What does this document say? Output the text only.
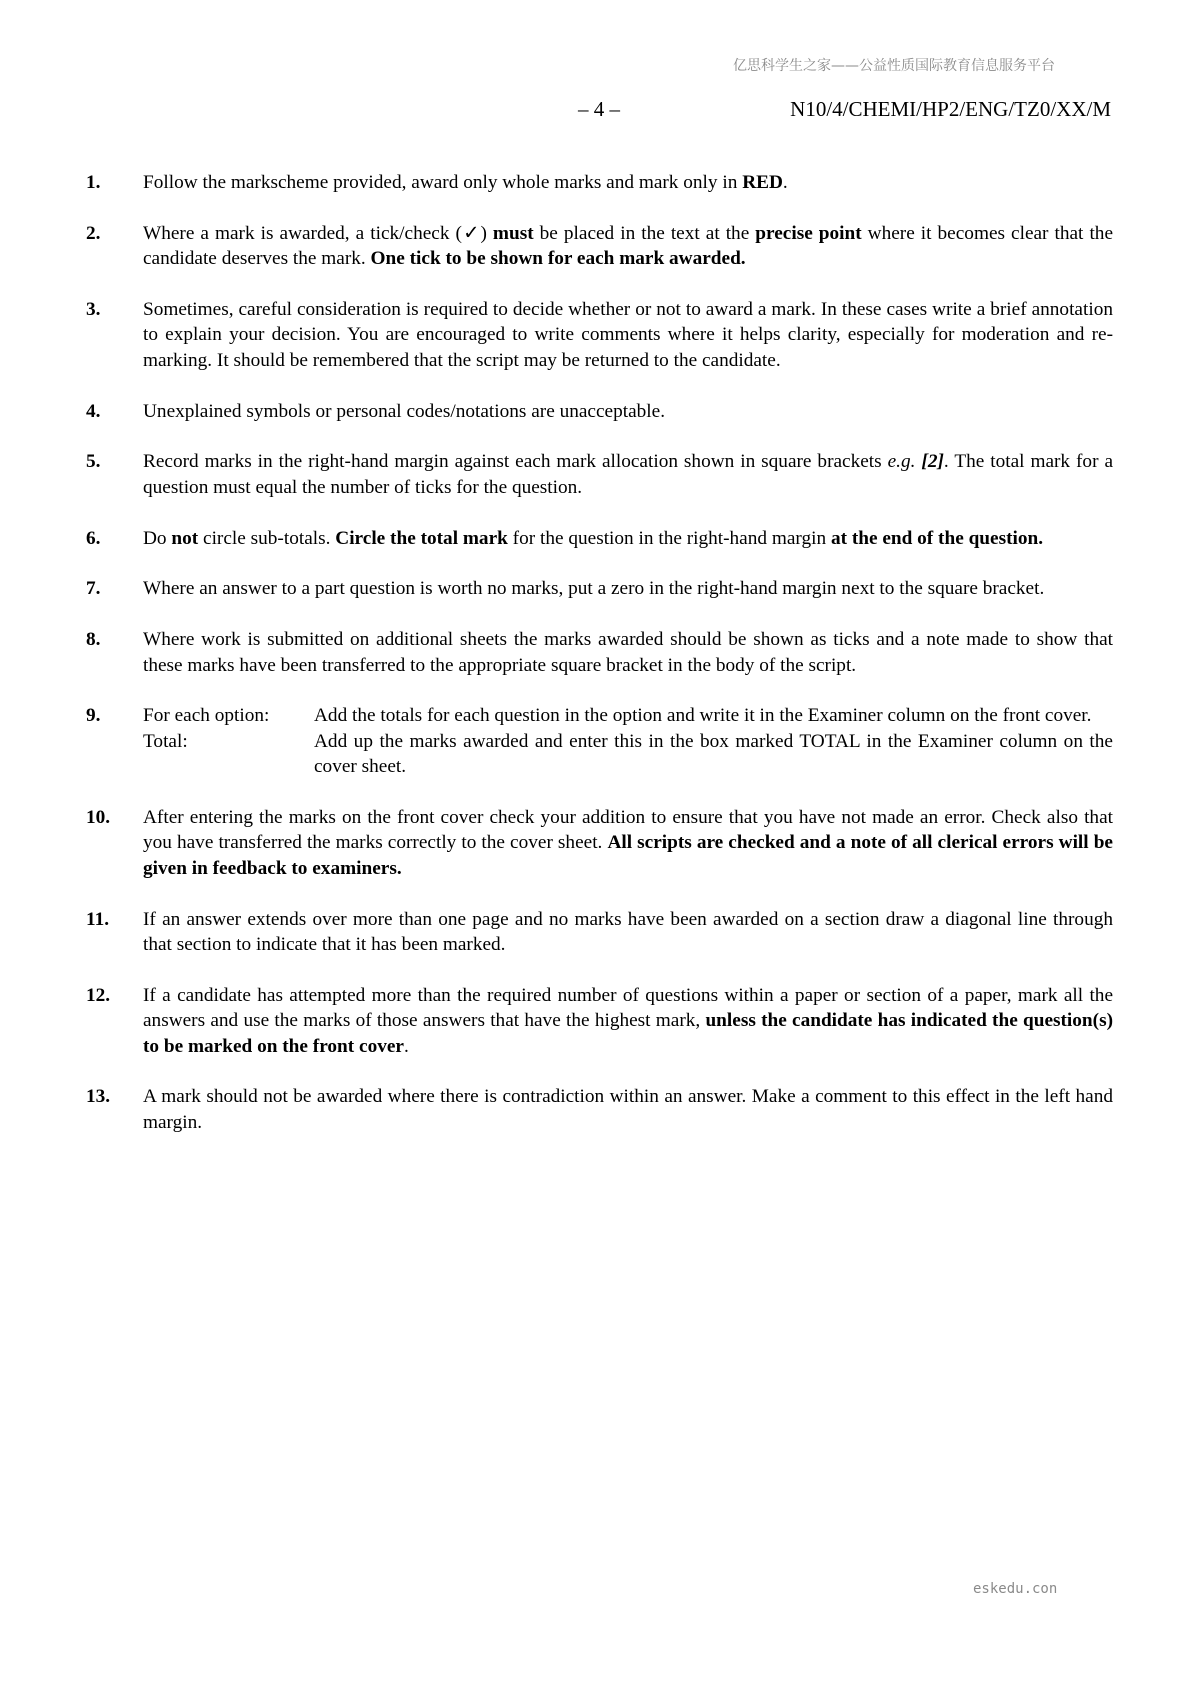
亿思科学生之家——公益性质国际教育信息服务平台
– 4 –	N10/4/CHEMI/HP2/ENG/TZ0/XX/M
1.	Follow the markscheme provided, award only whole marks and mark only in RED.
2.	Where a mark is awarded, a tick/check (✓) must be placed in the text at the precise point where it becomes clear that the candidate deserves the mark. One tick to be shown for each mark awarded.
3.	Sometimes, careful consideration is required to decide whether or not to award a mark. In these cases write a brief annotation to explain your decision. You are encouraged to write comments where it helps clarity, especially for moderation and re-marking. It should be remembered that the script may be returned to the candidate.
4.	Unexplained symbols or personal codes/notations are unacceptable.
5.	Record marks in the right-hand margin against each mark allocation shown in square brackets e.g. [2]. The total mark for a question must equal the number of ticks for the question.
6.	Do not circle sub-totals. Circle the total mark for the question in the right-hand margin at the end of the question.
7.	Where an answer to a part question is worth no marks, put a zero in the right-hand margin next to the square bracket.
8.	Where work is submitted on additional sheets the marks awarded should be shown as ticks and a note made to show that these marks have been transferred to the appropriate square bracket in the body of the script.
9.	For each option:	Add the totals for each question in the option and write it in the Examiner column on the front cover.
Total:	Add up the marks awarded and enter this in the box marked TOTAL in the Examiner column on the cover sheet.
10.	After entering the marks on the front cover check your addition to ensure that you have not made an error. Check also that you have transferred the marks correctly to the cover sheet. All scripts are checked and a note of all clerical errors will be given in feedback to examiners.
11.	If an answer extends over more than one page and no marks have been awarded on a section draw a diagonal line through that section to indicate that it has been marked.
12.	If a candidate has attempted more than the required number of questions within a paper or section of a paper, mark all the answers and use the marks of those answers that have the highest mark, unless the candidate has indicated the question(s) to be marked on the front cover.
13.	A mark should not be awarded where there is contradiction within an answer. Make a comment to this effect in the left hand margin.
eskedu.con
